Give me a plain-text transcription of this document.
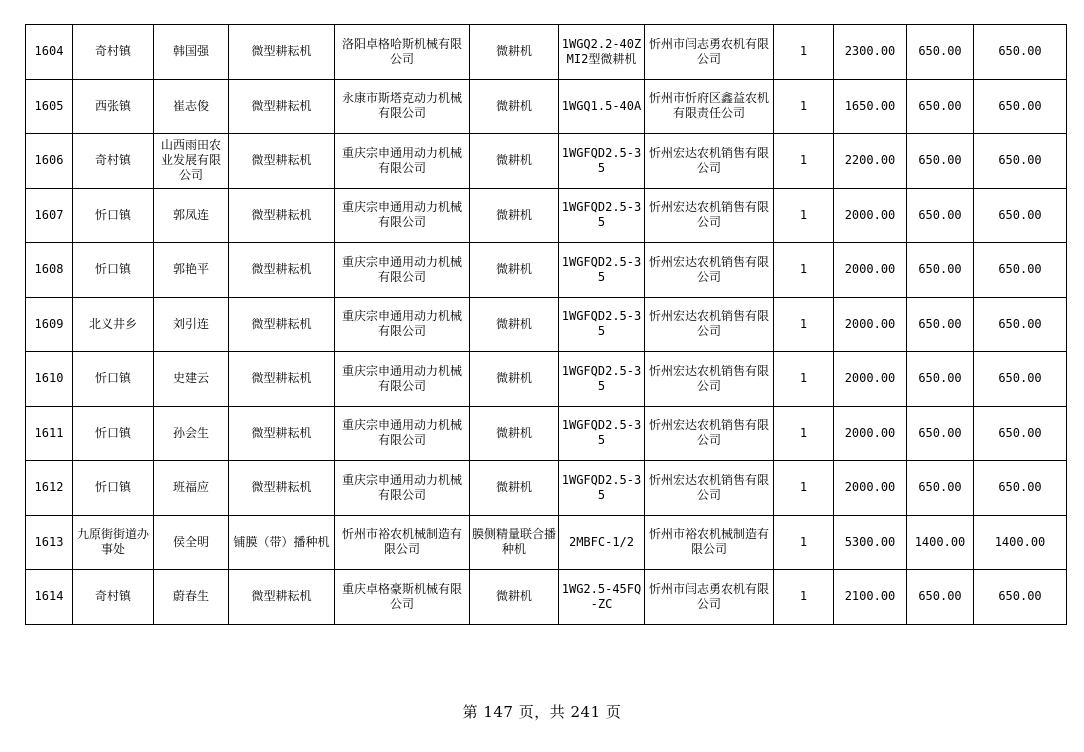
1604	奇村镇	韩国强	微型耕耘机	洛阳卓格哈斯机械有限公司	微耕机	1WGQ2.2-40ZMI2型微耕机	忻州市闫志勇农机有限公司	1	2300.00	650.00	650.00
1605	西张镇	崔志俊	微型耕耘机	永康市斯塔克动力机械有限公司	微耕机	1WGQ1.5-40A	忻州市忻府区鑫益农机有限责任公司	1	1650.00	650.00	650.00
1606	奇村镇	山西雨田农业发展有限公司	微型耕耘机	重庆宗申通用动力机械有限公司	微耕机	1WGFQD2.5-35	忻州宏达农机销售有限公司	1	2200.00	650.00	650.00
1607	忻口镇	郭凤连	微型耕耘机	重庆宗申通用动力机械有限公司	微耕机	1WGFQD2.5-35	忻州宏达农机销售有限公司	1	2000.00	650.00	650.00
1608	忻口镇	郭艳平	微型耕耘机	重庆宗申通用动力机械有限公司	微耕机	1WGFQD2.5-35	忻州宏达农机销售有限公司	1	2000.00	650.00	650.00
1609	北义井乡	刘引连	微型耕耘机	重庆宗申通用动力机械有限公司	微耕机	1WGFQD2.5-35	忻州宏达农机销售有限公司	1	2000.00	650.00	650.00
1610	忻口镇	史建云	微型耕耘机	重庆宗申通用动力机械有限公司	微耕机	1WGFQD2.5-35	忻州宏达农机销售有限公司	1	2000.00	650.00	650.00
1611	忻口镇	孙会生	微型耕耘机	重庆宗申通用动力机械有限公司	微耕机	1WGFQD2.5-35	忻州宏达农机销售有限公司	1	2000.00	650.00	650.00
1612	忻口镇	班福应	微型耕耘机	重庆宗申通用动力机械有限公司	微耕机	1WGFQD2.5-35	忻州宏达农机销售有限公司	1	2000.00	650.00	650.00
1613	九原街街道办事处	侯全明	铺膜（带）播种机	忻州市裕农机械制造有限公司	膜侧精量联合播种机	2MBFC-1/2	忻州市裕农机械制造有限公司	1	5300.00	1400.00	1400.00
1614	奇村镇	蔚春生	微型耕耘机	重庆卓格豪斯机械有限公司	微耕机	1WG2.5-45FQ-ZC	忻州市闫志勇农机有限公司	1	2100.00	650.00	650.00
第 147 页，共 241 页
